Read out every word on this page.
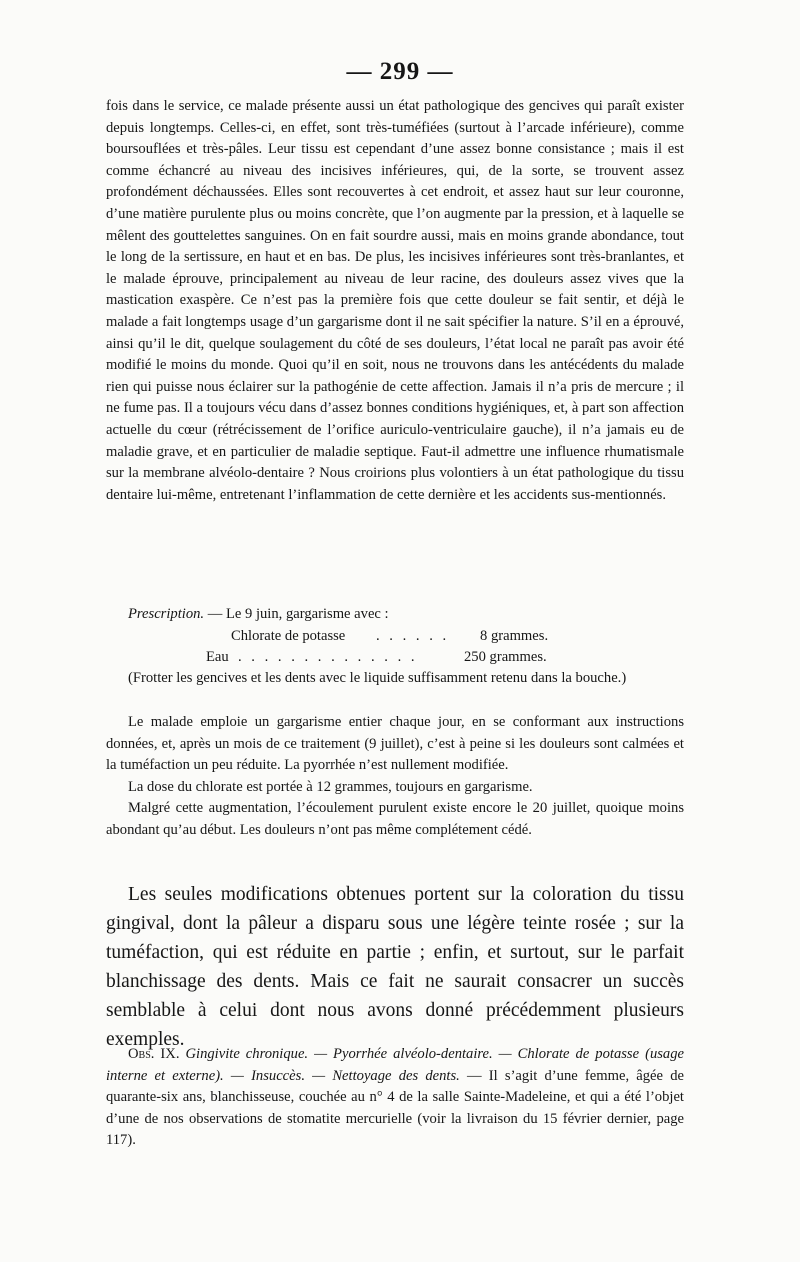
— 299 —

fois dans le service, ce malade présente aussi un état pathologique des gencives qui paraît exister depuis longtemps. Celles-ci, en effet, sont très-tuméfiées (surtout à l’arcade inférieure), comme boursouflées et très-pâles. Leur tissu est cependant d’une assez bonne consistance ; mais il est comme échancré au niveau des incisives inférieures, qui, de la sorte, se trouvent assez profondément déchaussées. Elles sont recouvertes à cet endroit, et assez haut sur leur couronne, d’une matière purulente plus ou moins concrète, que l’on augmente par la pression, et à laquelle se mêlent des gouttelettes sanguines. On en fait sourdre aussi, mais en moins grande abondance, tout le long de la sertissure, en haut et en bas. De plus, les incisives inférieures sont très-branlantes, et le malade éprouve, principalement au niveau de leur racine, des douleurs assez vives que la mastication exaspère. Ce n’est pas la première fois que cette douleur se fait sentir, et déjà le malade a fait longtemps usage d’un gargarisme dont il ne sait spécifier la nature. S’il en a éprouvé, ainsi qu’il le dit, quelque soulagement du côté de ses douleurs, l’état local ne paraît pas avoir été modifié le moins du monde. Quoi qu’il en soit, nous ne trouvons dans les antécédents du malade rien qui puisse nous éclairer sur la pathogénie de cette affection. Jamais il n’a pris de mercure ; il ne fume pas. Il a toujours vécu dans d’assez bonnes conditions hygiéniques, et, à part son affection actuelle du cœur (rétrécissement de l’orifice auriculo-ventriculaire gauche), il n’a jamais eu de maladie grave, et en particulier de maladie septique. Faut-il admettre une influence rhumatismale sur la membrane alvéolo-dentaire ? Nous croirions plus volontiers à un état pathologique du tissu dentaire lui-même, entretenant l’inflammation de cette dernière et les accidents sus-mentionnés.

Prescription. — Le 9 juin, gargarisme avec :
Chlorate de potasse . . . . . . 8 grammes.
Eau . . . . . . . . . . . . . .	250 grammes.
(Frotter les gencives et les dents avec le liquide suffisamment retenu dans la bouche.)

Le malade emploie un gargarisme entier chaque jour, en se conformant aux instructions données, et, après un mois de ce traitement (9 juillet), c’est à peine si les douleurs sont calmées et la tuméfaction un peu réduite. La pyorrhée n’est nullement modifiée.

La dose du chlorate est portée à 12 grammes, toujours en gargarisme.

Malgré cette augmentation, l’écoulement purulent existe encore le 20 juillet, quoique moins abondant qu’au début. Les douleurs n’ont pas même complétement cédé.

Les seules modifications obtenues portent sur la coloration du tissu gingival, dont la pâleur a disparu sous une légère teinte rosée ; sur la tuméfaction, qui est réduite en partie ; enfin, et surtout, sur le parfait blanchissage des dents. Mais ce fait ne saurait consacrer un succès semblable à celui dont nous avons donné précédemment plusieurs exemples.

Obs. IX. Gingivite chronique. — Pyorrhée alvéolo-dentaire. — Chlorate de potasse (usage interne et externe). — Insuccès. — Nettoyage des dents. — Il s’agit d’une femme, âgée de quarante-six ans, blanchisseuse, couchée au n° 4 de la salle Sainte-Madeleine, et qui a été l’objet d’une de nos observations de stomatite mercurielle (voir la livraison du 15 février dernier, page 117).
